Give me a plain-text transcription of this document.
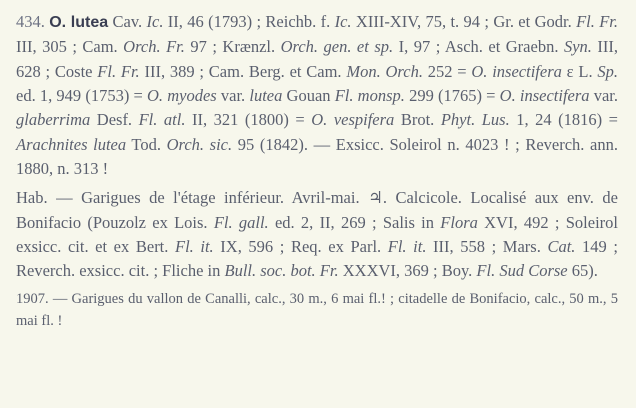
434. O. lutea Cav. Ic. II, 46 (1793) ; Reichb. f. Ic. XIII-XIV, 75, t. 94 ; Gr. et Godr. Fl. Fr. III, 305 ; Cam. Orch. Fr. 97 ; Krænzl. Orch. gen. et sp. I, 97 ; Asch. et Graebn. Syn. III, 628 ; Coste Fl. Fr. III, 389 ; Cam. Berg. et Cam. Mon. Orch. 252 = O. insectifera ε L. Sp. ed. 1, 949 (1753) = O. myodes var. lutea Gouan Fl. monsp. 299 (1765) = O. insectifera var. glaberrima Desf. Fl. atl. II, 321 (1800) = O. vespifera Brot. Phyt. Lus. 1, 24 (1816) = Arachnites lutea Tod. Orch. sic. 95 (1842). — Exsicc. Soleirol n. 4023 ! ; Reverch. ann. 1880, n. 313 !

Hab. — Garigues de l'étage inférieur. Avril-mai. ♃. Calcicole. Localisé aux env. de Bonifacio (Pouzolz ex Lois. Fl. gall. ed. 2, II, 269 ; Salis in Flora XVI, 492 ; Soleirol exsicc. cit. et ex Bert. Fl. it. IX, 596 ; Req. ex Parl. Fl. it. III, 558 ; Mars. Cat. 149 ; Reverch. exsicc. cit. ; Fliche in Bull. soc. bot. Fr. XXXVI, 369 ; Boy. Fl. Sud Corse 65).

1907. — Garigues du vallon de Canalli, calc., 30 m., 6 mai fl.! ; citadelle de Bonifacio, calc., 50 m., 5 mai fl. !
